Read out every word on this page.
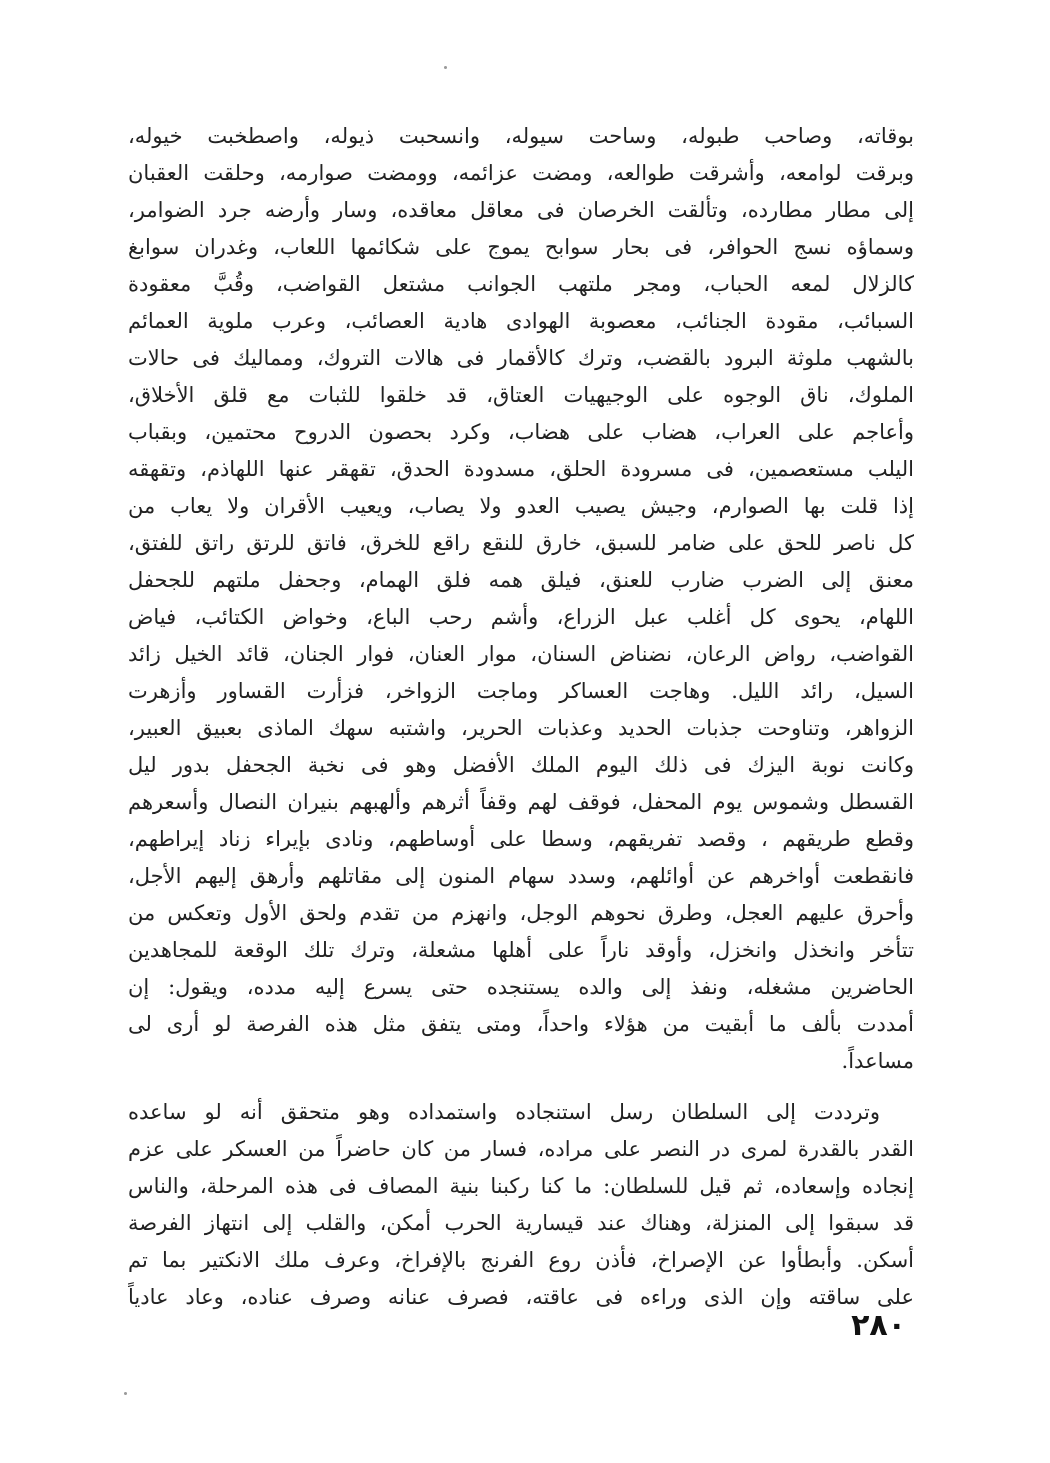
بوقاته، وصاحب طبوله، وساحت سيوله، وانسحبت ذيوله، واصطخبت خيوله،
وبرقت لوامعه، وأشرقت طوالعه، ومضت عزائمه، وومضت صوارمه، وحلقت العقبان
إلى مطار مطارده، وتألقت الخرصان فى معاقل معاقده، وسار وأرضه جرد الضوامر،
وسماؤه نسج الحوافر، فى بحار سوابح يموج على شكائمها اللعاب، وغدران سوابغ
كالزلال لمعه الحباب، ومجر ملتهب الجوانب مشتعل القواضب، وقُبَّ معقودة
السبائب، مقودة الجنائب، معصوبة الهوادى هادية العصائب، وعرب ملوية العمائم
بالشهب ملوثة البرود بالقضب، وترك كالأقمار فى هالات التروك، ومماليك فى حالات
الملوك، ناق الوجوه على الوجيهيات العتاق، قد خلقوا للثبات مع قلق الأخلاق،
وأعاجم على العراب، هضاب على هضاب، وكرد بحصون الدروح محتمين، وبقباب
اليلب مستعصمين، فى مسرودة الحلق، مسدودة الحدق، تقهقر عنها اللهاذم، وتقهقه
إذا قلت بها الصوارم، وجيش يصيب العدو ولا يصاب، ويعيب الأقران ولا يعاب من
كل ناصر للحق على ضامر للسبق، خارق للنقع راقع للخرق، فاتق للرتق راتق للفتق،
معنق إلى الضرب ضارب للعنق، فيلق همه فلق الهمام، وجحفل ملتهم للجحفل
اللهام، يحوى كل أغلب عبل الزراع، وأشم رحب الباع، وخواض الكتائب، فياض
القواضب، رواض الرعان، نضناض السنان، موار العنان، فوار الجنان، قائد الخيل زائد
السيل، رائد الليل. وهاجت العساكر وماجت الزواخر، فزأرت القساور وأزهرت
الزواهر، وتناوحت جذبات الحديد وعذبات الحرير، واشتبه سهك الماذى بعبيق العبير،
وكانت نوبة اليزك فى ذلك اليوم الملك الأفضل وهو فى نخبة الجحفل بدور ليل
القسطل وشموس يوم المحفل، فوقف لهم وقفاً أثرهم وألهبهم بنيران النصال وأسعرهم
وقطع طريقهم ، وقصد تفريقهم، وسطا على أوساطهم، ونادى بإيراء زناد إيراطهم،
فانقطعت أواخرهم عن أوائلهم، وسدد سهام المنون إلى مقاتلهم وأرهق إليهم الأجل،
وأحرق عليهم العجل، وطرق نحوهم الوجل، وانهزم من تقدم ولحق الأول وتعكس من
تتأخر وانخذل وانخزل، وأوقد ناراً على أهلها مشعلة، وترك تلك الوقعة للمجاهدين
الحاضرين مشغله، ونفذ إلى والده يستنجده حتى يسرع إليه مدده، ويقول: إن
أمددت بألف ما أبقيت من هؤلاء واحداً، ومتى يتفق مثل هذه الفرصة لو أرى لى
مساعداً.
وترددت إلى السلطان رسل استنجاده واستمداده وهو متحقق أنه لو ساعده
القدر بالقدرة لمرى در النصر على مراده، فسار من كان حاضراً من العسكر على عزم
إنجاده وإسعاده، ثم قيل للسلطان: ما كنا ركبنا بنية المصاف فى هذه المرحلة، والناس
قد سبقوا إلى المنزلة، وهناك عند قيسارية الحرب أمكن، والقلب إلى انتهاز الفرصة
أسكن. وأبطأوا عن الإصراخ، فأذن روع الفرنج بالإفراخ، وعرف ملك الانكتير بما تم
على ساقته وإن الذى وراءه فى عاقته، فصرف عنانه وصرف عناده، وعاد عادياً
٢٨٠
